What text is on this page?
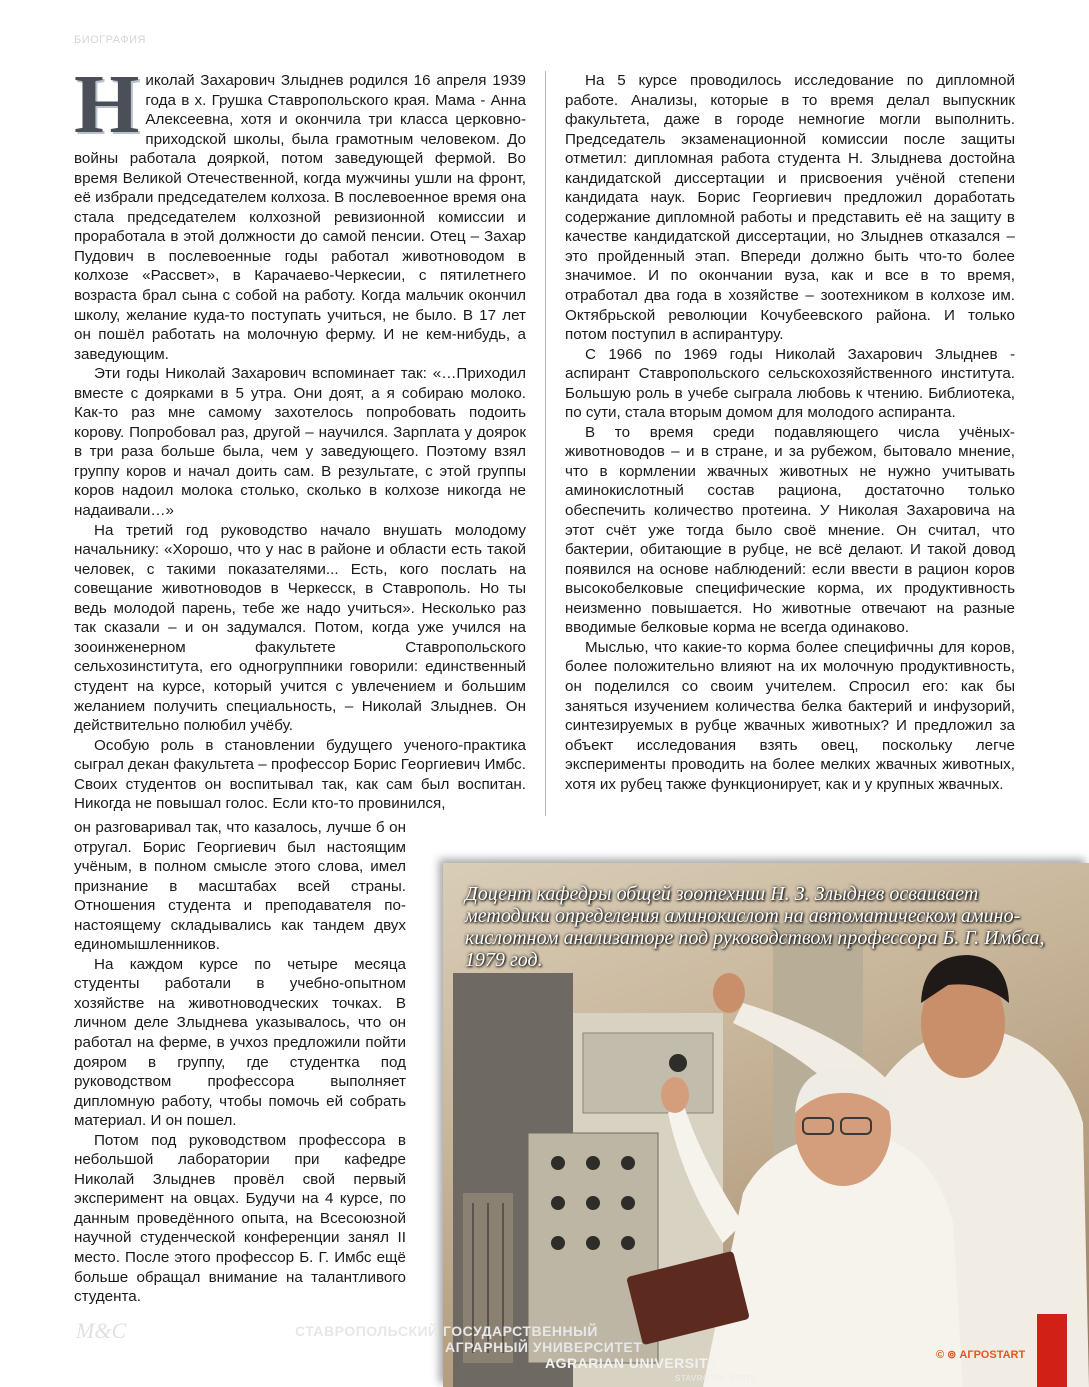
БИОГРАФИЯ

Николай Захарович Злыднев родился 16 апреля 1939 года в х. Грушка Ставропольского края. Мама - Анна Алексеевна, хотя и окончила три класса церковно-приходской школы, была грамотным человеком. До войны работала дояркой, потом заведующей фермой. Во время Великой Отечественной, когда мужчины ушли на фронт, её избрали председателем колхоза. В послевоенное время она стала председателем колхозной ревизионной комиссии и проработала в этой должности до самой пенсии. Отец – Захар Пудович в послевоенные годы работал животноводом в колхозе «Рассвет», в Карачаево-Черкесии, с пятилетнего возраста брал сына с собой на работу. Когда мальчик окончил школу, желание куда-то поступать учиться, не было. В 17 лет он пошёл работать на молочную ферму. И не кем-нибудь, а заведующим.

Эти годы Николай Захарович вспоминает так: «…Приходил вместе с доярками в 5 утра. Они доят, а я собираю молоко. Как-то раз мне самому захотелось попробовать подоить корову. Попробовал раз, другой – научился. Зарплата у доярок в три раза больше была, чем у заведующего. Поэтому взял группу коров и начал доить сам. В результате, с этой группы коров надоил молока столько, сколько в колхозе никогда не надаивали…»

На третий год руководство начало внушать молодому начальнику: «Хорошо, что у нас в районе и области есть такой человек, с такими показателями... Есть, кого послать на совещание животноводов в Черкесск, в Ставрополь. Но ты ведь молодой парень, тебе же надо учиться». Несколько раз так сказали – и он задумался. Потом, когда уже учился на зооинженерном факультете Ставропольского сельхозинститута, его одногруппники говорили: единственный студент на курсе, который учится с увлечением и большим желанием получить специальность, – Николай Злыднев. Он действительно полюбил учёбу.

Особую роль в становлении будущего ученого-практика сыграл декан факультета – профессор Борис Георгиевич Имбс. Своих студентов он воспитывал так, как сам был воспитан. Никогда не повышал голос. Если кто-то провинился,

он разговаривал так, что казалось, лучше б он отругал. Борис Георгиевич был настоящим учёным, в полном смысле этого слова, имел признание в масштабах всей страны. Отношения студента и преподавателя по-настоящему складывались как тандем двух единомышленников.

На каждом курсе по четыре месяца студенты работали в учебно-опытном хозяйстве на животноводческих точках. В личном деле Злыднева указывалось, что он работал на ферме, в учхоз предложили пойти дояром в группу, где студентка под руководством профессора выполняет дипломную работу, чтобы помочь ей собрать материал. И он пошел.

Потом под руководством профессора в небольшой лаборатории при кафедре Николай Злыднев провёл свой первый эксперимент на овцах. Будучи на 4 курсе, по данным проведённого опыта, на Всесоюзной научной студенческой конференции занял II место. После этого профессор Б. Г. Имбс ещё больше обращал внимание на талантливого студента.

На 5 курсе проводилось исследование по дипломной работе. Анализы, которые в то время делал выпускник факультета, даже в городе немногие могли выполнить. Председатель экзаменационной комиссии после защиты отметил: дипломная работа студента Н. Злыднева достойна кандидатской диссертации и присвоения учёной степени кандидата наук. Борис Георгиевич предложил доработать содержание дипломной работы и представить её на защиту в качестве кандидатской диссертации, но Злыднев отказался – это пройденный этап. Впереди должно быть что-то более значимое. И по окончании вуза, как и все в то время, отработал два года в хозяйстве – зоотехником в колхозе им. Октябрьской революции Кочубеевского района. И только потом поступил в аспирантуру.

С 1966 по 1969 годы Николай Захарович Злыднев - аспирант Ставропольского сельскохозяйственного института. Большую роль в учебе сыграла любовь к чтению. Библиотека, по сути, стала вторым домом для молодого аспиранта.

В то время среди подавляющего числа учёных-животноводов – и в стране, и за рубежом, бытовало мнение, что в кормлении жвачных животных не нужно учитывать аминокислотный состав рациона, достаточно только обеспечить количество протеина. У Николая Захаровича на этот счёт уже тогда было своё мнение. Он считал, что бактерии, обитающие в рубце, не всё делают. И такой довод появился на основе наблюдений: если ввести в рацион коров высокобелковые специфические корма, их продуктивность неизменно повышается. Но животные отвечают на разные вводимые белковые корма не всегда одинаково.

Мыслью, что какие-то корма более специфичны для коров, более положительно влияют на их молочную продуктивность, он поделился со своим учителем. Спросил его: как бы заняться изучением количества белка бактерий и инфузорий, синтезируемых в рубце жвачных животных? И предложил за объект исследования взять овец, поскольку легче эксперименты проводить на более мелких жвачных животных, хотя их рубец также функционирует, как и у крупных жвачных.

Доцент кафедры общей зоотехнии Н. З. Злыднев осваивает методики определения аминокислот на автоматическом амино-кислотном анализаторе под руководством профессора Б. Г. Имбса, 1979 год.
М&С	СТАВРОПОЛЬСКИЙ ГОСУДАРСТВЕННЫЙ
АГРАРНЫЙ УНИВЕРСИТЕТ
AGRARIAN UNIVERSITY
STAVROPOL STATE
© ⊚ АГРОSTART
